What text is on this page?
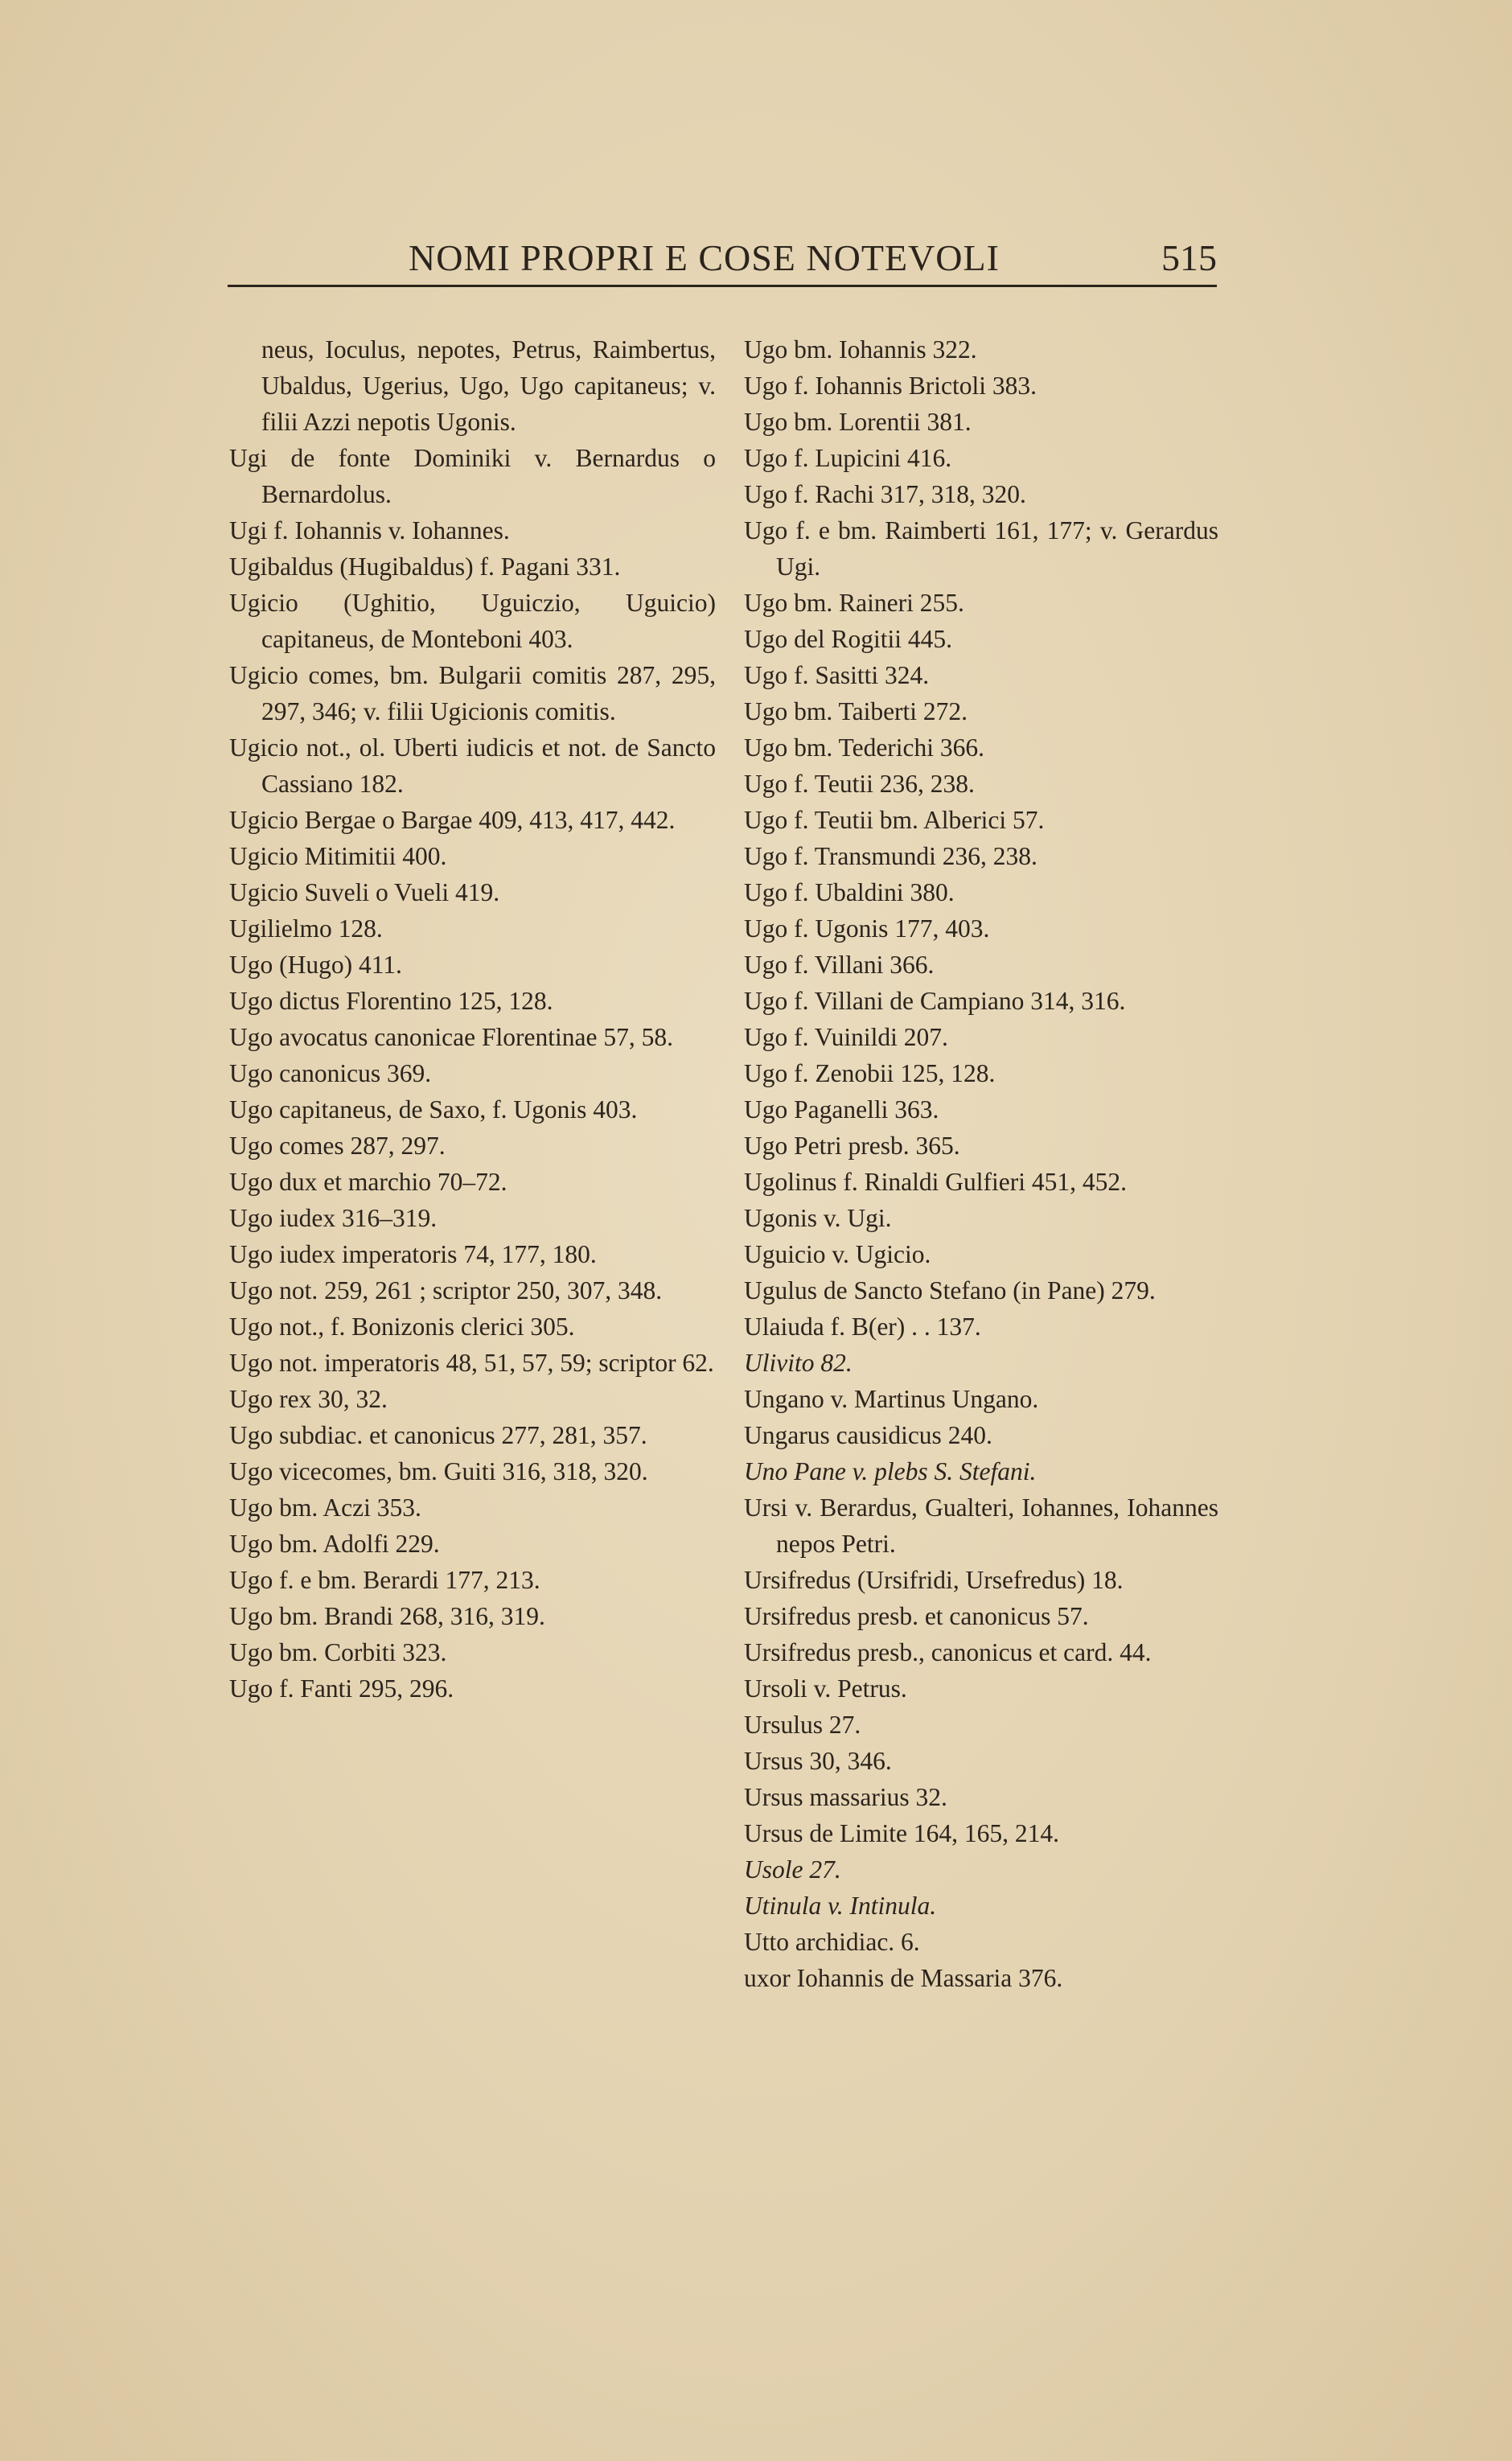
NOMI PROPRI E COSE NOTEVOLI	515

neus, Ioculus, nepotes, Petrus, Raimbertus, Ubaldus, Ugerius, Ugo, Ugo capitaneus; v. filii Azzi nepotis Ugonis.

Ugi de fonte Dominiki v. Bernardus o Bernardolus.

Ugi f. Iohannis v. Iohannes.

Ugibaldus (Hugibaldus) f. Pagani 331.

Ugicio (Ughitio, Uguiczio, Uguicio) capitaneus, de Monteboni 403.

Ugicio comes, bm. Bulgarii comitis 287, 295, 297, 346; v. filii Ugicionis comitis.

Ugicio not., ol. Uberti iudicis et not. de Sancto Cassiano 182.

Ugicio Bergae o Bargae 409, 413, 417, 442.

Ugicio Mitimitii 400.

Ugicio Suveli o Vueli 419.

Ugilielmo 128.

Ugo (Hugo) 411.

Ugo dictus Florentino 125, 128.

Ugo avocatus canonicae Florentinae 57, 58.

Ugo canonicus 369.

Ugo capitaneus, de Saxo, f. Ugonis 403.

Ugo comes 287, 297.

Ugo dux et marchio 70–72.

Ugo iudex 316–319.

Ugo iudex imperatoris 74, 177, 180.

Ugo not. 259, 261 ; scriptor 250, 307, 348.

Ugo not., f. Bonizonis clerici 305.

Ugo not. imperatoris 48, 51, 57, 59; scriptor 62.

Ugo rex 30, 32.

Ugo subdiac. et canonicus 277, 281, 357.

Ugo vicecomes, bm. Guiti 316, 318, 320.

Ugo bm. Aczi 353.

Ugo bm. Adolfi 229.

Ugo f. e bm. Berardi 177, 213.

Ugo bm. Brandi 268, 316, 319.

Ugo bm. Corbiti 323.

Ugo f. Fanti 295, 296.

Ugo bm. Iohannis 322.

Ugo f. Iohannis Brictoli 383.

Ugo bm. Lorentii 381.

Ugo f. Lupicini 416.

Ugo f. Rachi 317, 318, 320.

Ugo f. e bm. Raimberti 161, 177; v. Gerardus Ugi.

Ugo bm. Raineri 255.

Ugo del Rogitii 445.

Ugo f. Sasitti 324.

Ugo bm. Taiberti 272.

Ugo bm. Tederichi 366.

Ugo f. Teutii 236, 238.

Ugo f. Teutii bm. Alberici 57.

Ugo f. Transmundi 236, 238.

Ugo f. Ubaldini 380.

Ugo f. Ugonis 177, 403.

Ugo f. Villani 366.

Ugo f. Villani de Campiano 314, 316.

Ugo f. Vuinildi 207.

Ugo f. Zenobii 125, 128.

Ugo Paganelli 363.

Ugo Petri presb. 365.

Ugolinus f. Rinaldi Gulfieri 451, 452.

Ugonis v. Ugi.

Uguicio v. Ugicio.

Ugulus de Sancto Stefano (in Pane) 279.

Ulaiuda f. B(er) . . 137.

Ulivito 82.

Ungano v. Martinus Ungano.

Ungarus causidicus 240.

Uno Pane v. plebs S. Stefani.

Ursi v. Berardus, Gualteri, Iohannes, Iohannes nepos Petri.

Ursifredus (Ursifridi, Ursefredus) 18.

Ursifredus presb. et canonicus 57.

Ursifredus presb., canonicus et card. 44.

Ursoli v. Petrus.

Ursulus 27.

Ursus 30, 346.

Ursus massarius 32.

Ursus de Limite 164, 165, 214.

Usole 27.

Utinula v. Intinula.

Utto archidiac. 6.

uxor Iohannis de Massaria 376.
